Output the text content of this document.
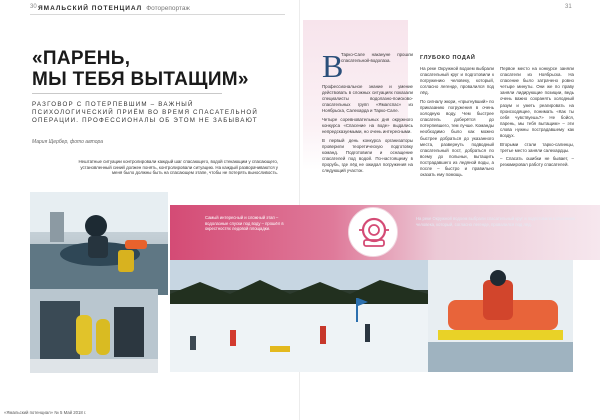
30 ЯМАЛЬСКИЙ ПОТЕНЦИАЛ Фоторепортаж
«ПАРЕНЬ,
МЫ ТЕБЯ ВЫТАЩИМ»

РАЗГОВОР С ПОТЕРПЕВШИМ – ВАЖНЫЙ ПСИХОЛОГИЧЕСКИЙ ПРИЁМ ВО ВРЕМЯ СПАСАТЕЛЬНОЙ ОПЕРАЦИИ. ПРОФЕССИОНАЛЫ ОБ ЭТОМ НЕ ЗАБЫВАЮТ

Мария Щербер, фото автора

Нештатные ситуации контролировали каждый шаг спасающего, водой стекающим у спасающего, установленный синий должен понять, контролировали ситуацию. На каждый разворачиваются у меня было должны быть на спасающем этапе, чтобы не потерять выносливость.

31
В

Тарко-Сале накануне прошли спасательной-водолаза.

Профессиональное знание и умение действовать в сложных ситуациях показали специалисты водолазно-поисково-спасательных групп «Ямалспас» из Ноябрьска, Салехарда и Тарко-Сале.

Четыре соревновательных дня окружного конкурса «Спасение на воде» выдались непредсказуемыми, но очень интересными.

В первый день конкурса организаторы проверили теоретическую подготовку команд. Подготовили и оснащение спасателей под водой. По-настоящему в прорубь, где лёд не ожидал погружения на следующий участок.

ГЛУБОКО ПОДАЙ

На реке Окружной водоем выбрали спасательный круг и подготовили к погружению человеку, который, согласно легенде, провалился под лёд.

По сигналу жюри, «прыгнувший» по приказанию погружения в очень холодную воду. Чем быстрее спасатель доберётся до потерпевшего, тем лучше. Команды необходимо было как можно быстрее добраться до указанного места, развернуть подводный спасательный пост, добраться по всему до полыньи, вытащить пострадавшего из ледяной воды, а после – быстро и правильно оказать ему помощь.

Первое место на конкурсе заняли спасатели из Ноябрьска. На спасение было затрачено ровно четыре минуты. Они же по праву заняли лидирующие позиции, ведь очень важно сохранять холодный разум и уметь реагировать на происходящее, понимать «Как ты себя чувствуешь?» Не бойся, парень, мы тебя вытащим» – эти слова нужны пострадавшему как воздух.

Вторыми стали тарко-салинцы, третье место заняли салехардцы.

– Спасать ошибки не бывает, – резюмировал работу спасателей.

Самый интересный и сложный этап – водолазные спуски под воду – прошёл в окрестностях ледовой площадки.

На реке Окружной водоем выбрали спасательный круг и подготовили к спасению человека, который, согласно легенде, провалился под лёд.

«Ямальский потенциал» № 5 Май 2018 г.
